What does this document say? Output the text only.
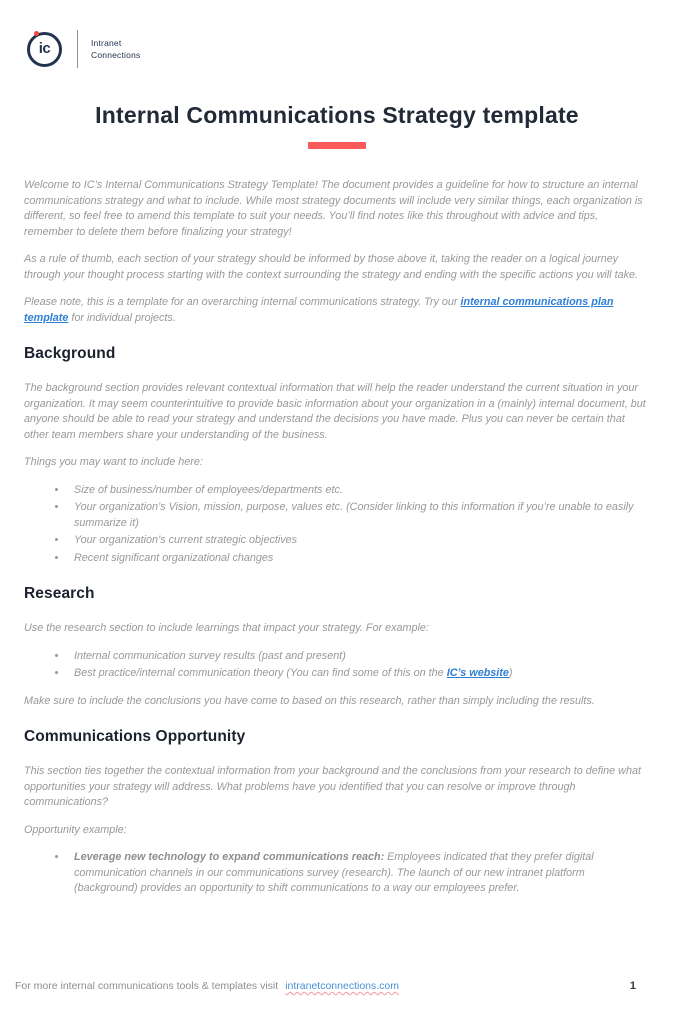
ic	Intranet
Connections
Internal Communications Strategy template

Welcome to IC’s Internal Communications Strategy Template! The document provides a guideline for how to structure an internal communications strategy and what to include. While most strategy documents will include very similar things, each organization is different, so feel free to amend this template to suit your needs. You’ll find notes like this throughout with advice and tips, remember to delete them before finalizing your strategy!

As a rule of thumb, each section of your strategy should be informed by those above it, taking the reader on a logical journey through your thought process starting with the context surrounding the strategy and ending with the specific actions you will take.

Please note, this is a template for an overarching internal communications strategy. Try our internal communications plan template for individual projects.

Background

The background section provides relevant contextual information that will help the reader understand the current situation in your organization. It may seem counterintuitive to provide basic information about your organization in a (mainly) internal document, but anyone should be able to read your strategy and understand the decisions you have made. Plus you can never be certain that other team members share your understanding of the business.

Things you may want to include here:

• Size of business/number of employees/departments etc.
• Your organization’s Vision, mission, purpose, values etc. (Consider linking to this information if you’re unable to easily summarize it)
• Your organization’s current strategic objectives
• Recent significant organizational changes
Research

Use the research section to include learnings that impact your strategy. For example:

• Internal communication survey results (past and present)
• Best practice/internal communication theory (You can find some of this on the IC’s website)

Make sure to include the conclusions you have come to based on this research, rather than simply including the results.

Communications Opportunity

This section ties together the contextual information from your background and the conclusions from your research to define what opportunities your strategy will address. What problems have you identified that you can resolve or improve through communications?

Opportunity example:

• Leverage new technology to expand communications reach: Employees indicated that they prefer digital communication channels in our communications survey (research). The launch of our new intranet platform (background) provides an opportunity to shift communications to a way our employees prefer.
For more internal communications tools & templates visit intranetconnections.com	1
